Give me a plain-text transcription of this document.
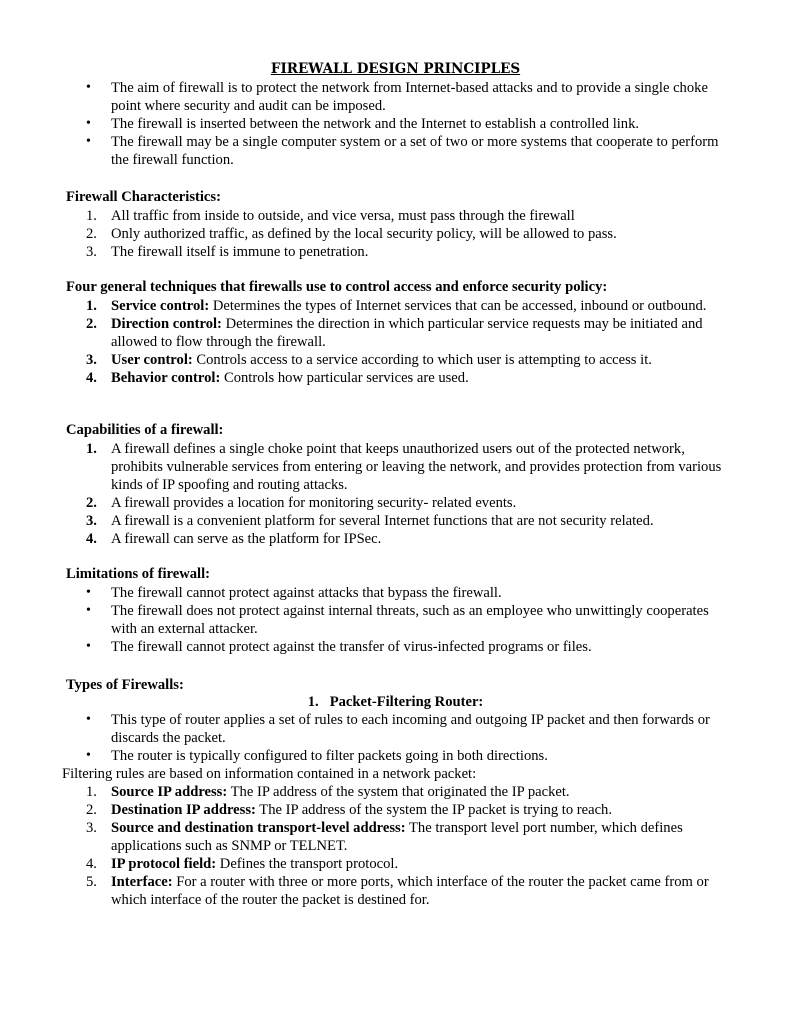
FIREWALL DESIGN PRINCIPLES
• The aim of firewall is to protect the network from Internet-based attacks and to provide a single choke point where security and audit can be imposed.
• The firewall is inserted between the network and the Internet to establish a controlled link.
• The firewall may be a single computer system or a set of two or more systems that cooperate to perform the firewall function.

Firewall Characteristics:

1. All traffic from inside to outside, and vice versa, must pass through the firewall
2. Only authorized traffic, as defined by the local security policy, will be allowed to pass.
3. The firewall itself is immune to penetration.

Four general techniques that firewalls use to control access and enforce security policy:

1. Service control: Determines the types of Internet services that can be accessed, inbound or outbound.
2. Direction control: Determines the direction in which particular service requests may be initiated and allowed to flow through the firewall.
3. User control: Controls access to a service according to which user is attempting to access it.
4. Behavior control: Controls how particular services are used.

Capabilities of a firewall:

1. A firewall defines a single choke point that keeps unauthorized users out of the protected network, prohibits vulnerable services from entering or leaving the network, and provides protection from various kinds of IP spoofing and routing attacks.
2. A firewall provides a location for monitoring security- related events.
3. A firewall is a convenient platform for several Internet functions that are not security related.
4. A firewall can serve as the platform for IPSec.

Limitations of firewall:

• The firewall cannot protect against attacks that bypass the firewall.
• The firewall does not protect against internal threats, such as an employee who unwittingly cooperates with an external attacker.
• The firewall cannot protect against the transfer of virus-infected programs or files.

Types of Firewalls:

1. Packet-Filtering Router:
• This type of router applies a set of rules to each incoming and outgoing IP packet and then forwards or discards the packet.
• The router is typically configured to filter packets going in both directions.

Filtering rules are based on information contained in a network packet:

1. Source IP address: The IP address of the system that originated the IP packet.
2. Destination IP address: The IP address of the system the IP packet is trying to reach.
3. Source and destination transport-level address: The transport level port number, which defines applications such as SNMP or TELNET.
4. IP protocol field: Defines the transport protocol.
5. Interface: For a router with three or more ports, which interface of the router the packet came from or which interface of the router the packet is destined for.
